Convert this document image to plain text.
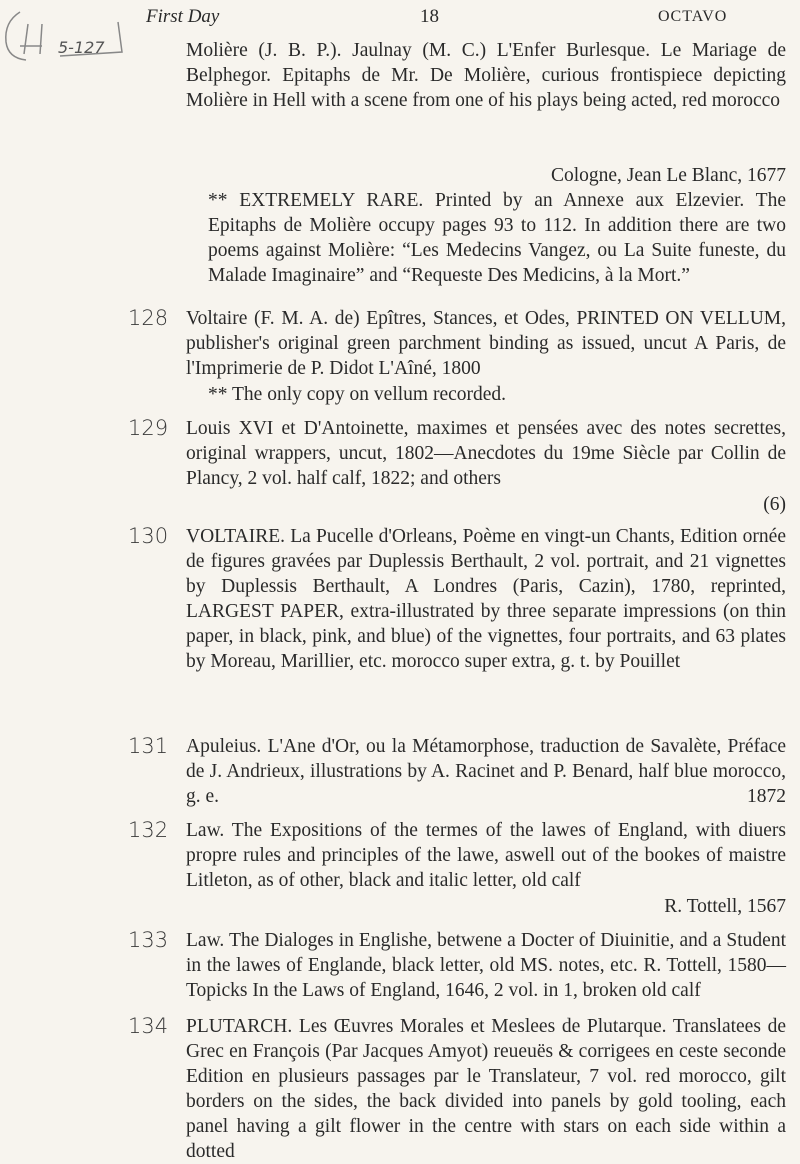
First Day	18	OCTAVO
5-127	Molière (J. B. P.). Jaulnay (M. C.) L'Enfer Burlesque. Le Mariage de Belphegor. Epitaphs de Mr. De Molière, curious frontispiece depicting Molière in Hell with a scene from one of his plays being acted, red morocco
Cologne, Jean Le Blanc, 1677
** EXTREMELY RARE. Printed by an Annexe aux Elzevier. The Epitaphs de Molière occupy pages 93 to 112. In addition there are two poems against Molière: “Les Medecins Vangez, ou La Suite funeste, du Malade Imaginaire” and “Requeste Des Medicins, à la Mort.”
128 Voltaire (F. M. A. de) Epîtres, Stances, et Odes, PRINTED ON VELLUM, publisher's original green parchment binding as issued, uncut A Paris, de l'Imprimerie de P. Didot L'Aîné, 1800
** The only copy on vellum recorded.
129 Louis XVI et D'Antoinette, maximes et pensées avec des notes secrettes, original wrappers, uncut, 1802—Anecdotes du 19me Siècle par Collin de Plancy, 2 vol. half calf, 1822; and others
(6)
130 VOLTAIRE. La Pucelle d'Orleans, Poème en vingt-un Chants, Edition ornée de figures gravées par Duplessis Berthault, 2 vol. portrait, and 21 vignettes by Duplessis Berthault, A Londres (Paris, Cazin), 1780, reprinted, LARGEST PAPER, extra-illustrated by three separate impressions (on thin paper, in black, pink, and blue) of the vignettes, four portraits, and 63 plates by Moreau, Marillier, etc. morocco super extra, g. t. by Pouillet
131 Apuleius. L'Ane d'Or, ou la Métamorphose, traduction de Savalète, Préface de J. Andrieux, illustrations by A. Racinet and P. Benard, half blue morocco, g. e.	1872
132 Law. The Expositions of the termes of the lawes of England, with diuers propre rules and principles of the lawe, aswell out of the bookes of maistre Litleton, as of other, black and italic letter, old calf
R. Tottell, 1567
133 Law. The Dialoges in Englishe, betwene a Docter of Diuinitie, and a Student in the lawes of Englande, black letter, old MS. notes, etc. R. Tottell, 1580—Topicks In the Laws of England, 1646, 2 vol. in 1, broken old calf
134 PLUTARCH. Les Œuvres Morales et Meslees de Plutarque. Translatees de Grec en François (Par Jacques Amyot) reueuës & corrigees en ceste seconde Edition en plusieurs passages par le Translateur, 7 vol. red morocco, gilt borders on the sides, the back divided into panels by gold tooling, each panel having a gilt flower in the centre with stars on each side within a dotted
